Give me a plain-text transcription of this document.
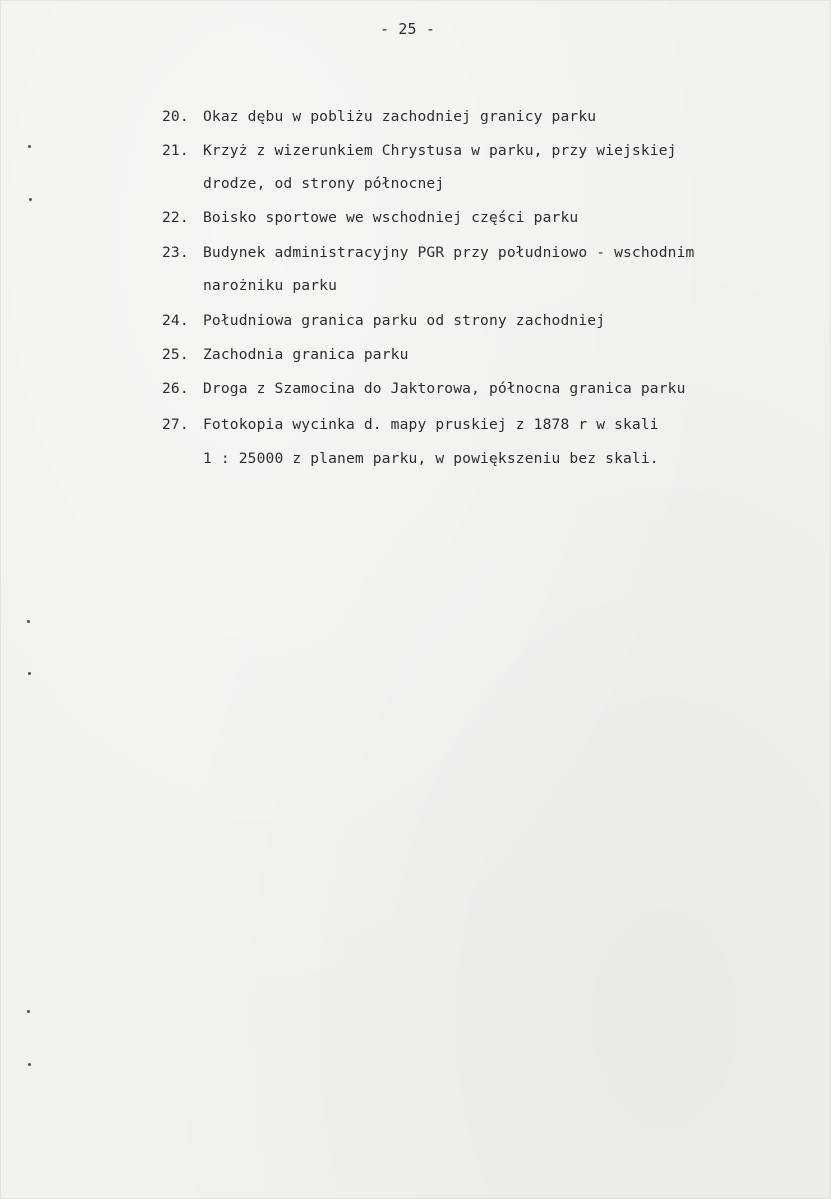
- 25 -
20. Okaz dębu w pobliżu zachodniej granicy parku
21. Krzyż z wizerunkiem Chrystusa w parku, przy wiejskiej
drodze, od strony północnej
22. Boisko sportowe we wschodniej części parku
23. Budynek administracyjny PGR przy południowo - wschodnim
narożniku parku
24. Południowa granica parku od strony zachodniej
25. Zachodnia granica parku
26. Droga z Szamocina do Jaktorowa, północna granica parku
27. Fotokopia wycinka d. mapy pruskiej z 1878 r w skali
1 : 25000 z planem parku, w powiększeniu bez skali.
